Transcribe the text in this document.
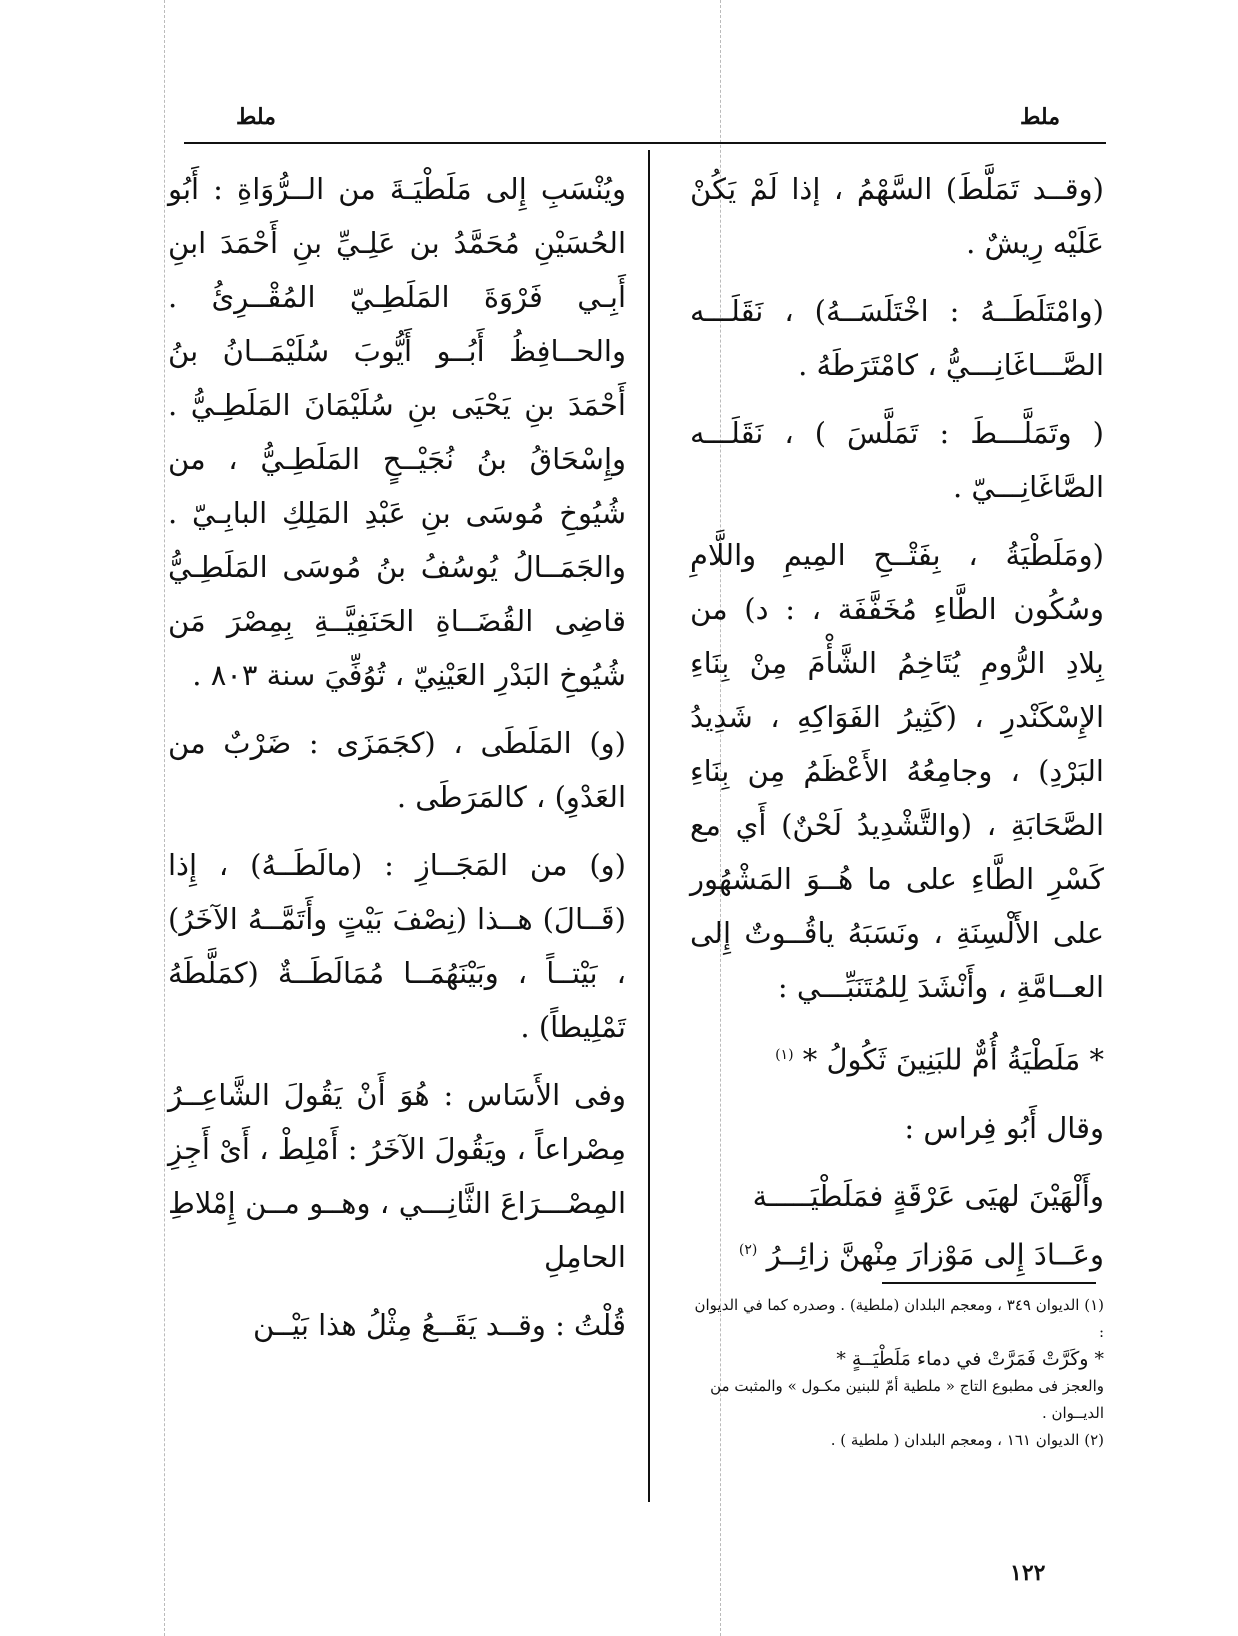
ملط
ملط

(وقــد تَمَلَّطَ) السَّهْمُ ، إذا لَمْ يَكُنْ عَلَيْه رِيشٌ .

(وامْتَلَطَــهُ : اخْتَلَسَــهُ) ، نَقَلَـــه الصَّـــاغَانِـــيُّ ، كامْتَرَطَهُ .

( وتَمَلَّـــطَ : تَمَلَّسَ ) ، نَقَلَـــه الصَّاغَانِـــيّ .

(ومَلَطْيَةُ ، بِفَتْــحِ المِيمِ واللَّامِ وسُكُون الطَّاءِ مُخَفَّفَة ، : د) من بِلادِ الرُّومِ يُتَاخِمُ الشَّأْمَ مِنْ بِنَاءِ الإِسْكَنْدرِ ، (كَثِيرُ الفَوَاكِهِ ، شَدِيدُ البَرْدِ) ، وجامِعُهُ الأَعْظَمُ مِن بِنَاءِ الصَّحَابَةِ ، (والتَّشْدِيدُ لَحْنٌ) أَي مع كَسْرِ الطَّاءِ على ما هُــوَ المَشْهُور على الأَلْسِنَةِ ، ونَسَبَهُ ياقُــوتٌ إِلى العــامَّةِ ، وأَنْشَدَ لِلمُتَنَبِّـــي :

* مَلَطْيَةُ أُمٌّ للبَنِينَ ثَكُولُ * $^{(١)}$

وقال أَبُو فِراس :

وأَلْهَيْنَ لهيَى عَرْقَةٍ فمَلَطْيَـــــة

وعَــادَ إِلى مَوْزارَ مِنْهنَّ زائِــرُ $^{(٢)}$

ويُنْسَبِ إِلى مَلَطْيَـةَ من الــرُّوَاةِ : أَبُو الحُسَيْنِ مُحَمَّدُ بن عَلِـيِّ بنِ أَحْمَدَ ابنِ أَبِـي فَرْوَةَ المَلَطِـيّ المُقْــرِئُ . والحــافِظُ أَبُــو أَيُّوبَ سُلَيْمَــانُ بنُ أَحْمَدَ بنِ يَحْيَى بنِ سُلَيْمَانَ المَلَطِـيُّ . وإِسْحَاقُ بنُ نُجَيْــحٍ المَلَطِـيُّ ، من شُيُوخِ مُوسَى بنِ عَبْدِ المَلِكِ البابِـيّ . والجَمَــالُ يُوسُفُ بنُ مُوسَى المَلَطِـيُّ قاضِى القُضَــاةِ الحَنَفِيَّــةِ بِمِصْرَ مَن شُيُوخِ البَدْرِ العَيْنِيّ ، تُوُفِّيَ سنة ٨٠٣ .

(و) المَلَطَى ، (كجَمَزَى : ضَرْبٌ من العَدْوِ) ، كالمَرَطَى .

(و) من المَجَــازِ : (مالَطَــهُ) ، إِذا (قَــالَ) هــذا (نِصْفَ بَيْتٍ وأَتَمَّــهُ الآخَرُ) ، بَيْتــاً ، وبَيْنَهُمَــا مُمَالَطَــةٌ (كمَلَّطَهُ تَمْلِيطاً) .

وفى الأَسَاس : هُوَ أَنْ يَقُولَ الشَّاعِــرُ مِصْراعاً ، ويَقُولَ الآخَرُ : أَمْلِطْ ، أَىْ أَجِزِ المِصْـــرَاعَ الثَّانِـــي ، وهــو مــن إِمْلاطِ الحامِلِ

قُلْتُ : وقــد يَقَــعُ مِثْلُ هذا بَيْــن

(١) الديوان ٣٤٩ ، ومعجم البلدان (ملطية) . وصدره كما في الديوان :

* وكَرَّتْ فَمَرَّتْ في دماء مَلَطْيَــةٍ *

والعجز فى مطبوع التاج « ملطية أمّ للبنين مكـول » والمثبت من الديــوان .

(٢) الديوان ١٦١ ، ومعجم البلدان ( ملطية ) .

١٢٢
